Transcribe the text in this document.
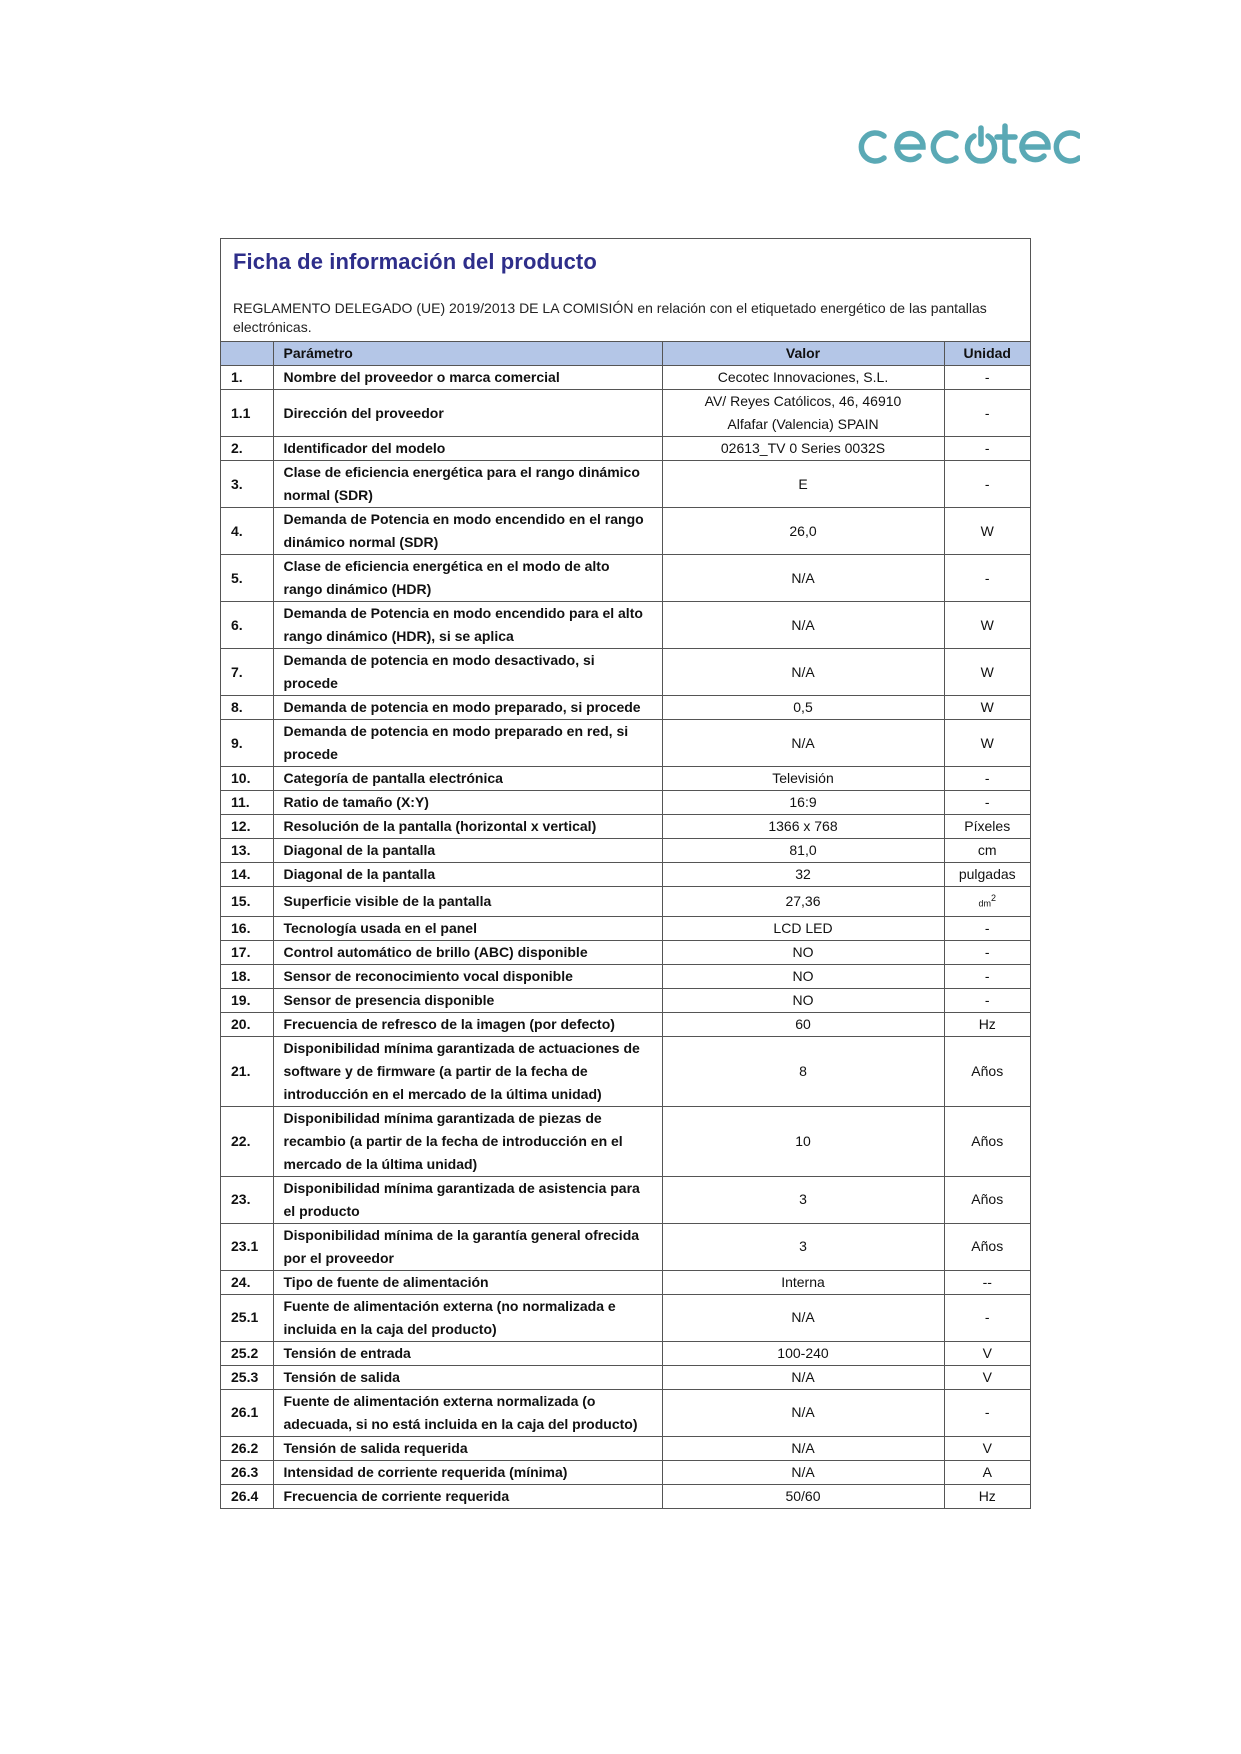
Ficha de información del producto
REGLAMENTO DELEGADO (UE) 2019/2013 DE LA COMISIÓN en relación con el etiquetado energético de las pantallas electrónicas.
	Parámetro	Valor	Unidad
1.	Nombre del proveedor o marca comercial	Cecotec Innovaciones, S.L.	-
1.1	Dirección del proveedor	AV/ Reyes Católicos, 46, 46910 Alfafar (Valencia) SPAIN	-
2.	Identificador del modelo	02613_TV 0 Series 0032S	-
3.	Clase de eficiencia energética para el rango dinámico normal (SDR)	E	-
4.	Demanda de Potencia en modo encendido en el rango dinámico normal (SDR)	26,0	W
5.	Clase de eficiencia energética en el modo de alto rango dinámico (HDR)	N/A	-
6.	Demanda de Potencia en modo encendido para el alto rango dinámico (HDR), si se aplica	N/A	W
7.	Demanda de potencia en modo desactivado, si procede	N/A	W
8.	Demanda de potencia en modo preparado, si procede	0,5	W
9.	Demanda de potencia en modo preparado en red, si procede	N/A	W
10.	Categoría de pantalla electrónica	Televisión	-
11.	Ratio de tamaño (X:Y)	16:9	-
12.	Resolución de la pantalla (horizontal x vertical)	1366 x 768	Píxeles
13.	Diagonal de la pantalla	81,0	cm
14.	Diagonal de la pantalla	32	pulgadas
15.	Superficie visible de la pantalla	27,36	$dm^2$
16.	Tecnología usada en el panel	LCD LED	-
17.	Control automático de brillo (ABC) disponible	NO	-
18.	Sensor de reconocimiento vocal disponible	NO	-
19.	Sensor de presencia disponible	NO	-
20.	Frecuencia de refresco de la imagen (por defecto)	60	Hz
21.	Disponibilidad mínima garantizada de actuaciones de software y de firmware (a partir de la fecha de introducción en el mercado de la última unidad)	8	Años
22.	Disponibilidad mínima garantizada de piezas de recambio (a partir de la fecha de introducción en el mercado de la última unidad)	10	Años
23.	Disponibilidad mínima garantizada de asistencia para el producto	3	Años
23.1	Disponibilidad mínima de la garantía general ofrecida por el proveedor	3	Años
24.	Tipo de fuente de alimentación	Interna	--
25.1	Fuente de alimentación externa (no normalizada e incluida en la caja del producto)	N/A	-
25.2	Tensión de entrada	100-240	V
25.3	Tensión de salida	N/A	V
26.1	Fuente de alimentación externa normalizada (o adecuada, si no está incluida en la caja del producto)	N/A	-
26.2	Tensión de salida requerida	N/A	V
26.3	Intensidad de corriente requerida (mínima)	N/A	A
26.4	Frecuencia de corriente requerida	50/60	Hz
